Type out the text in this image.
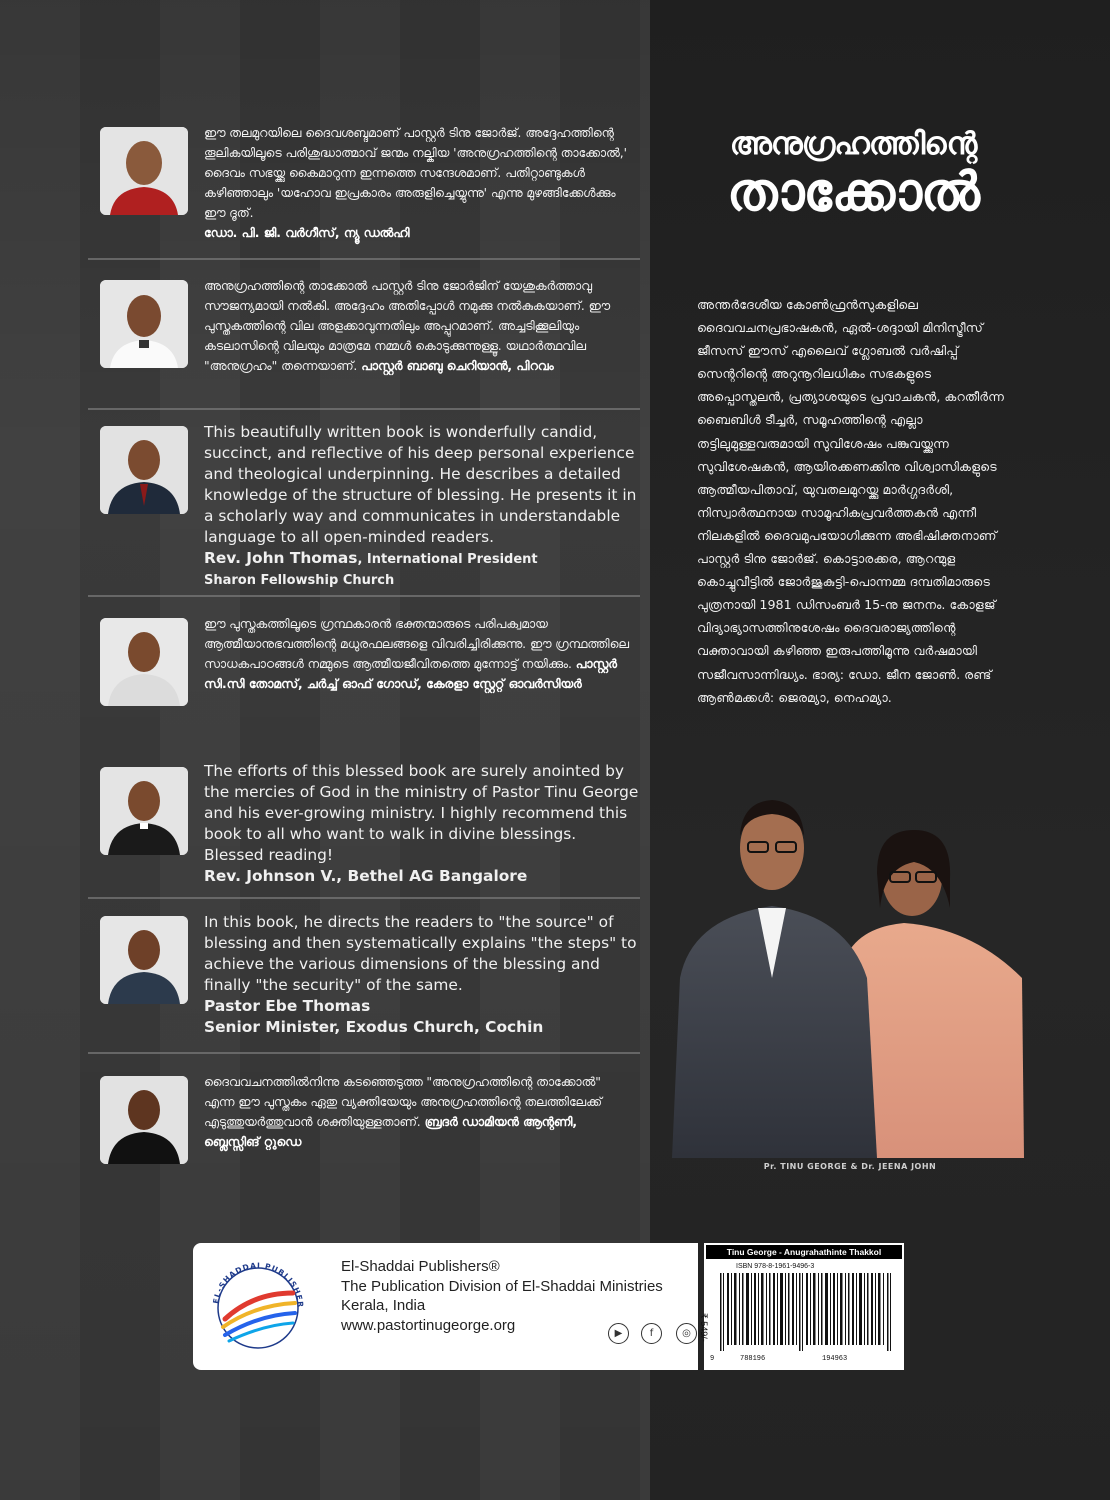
ഈ തലമുറയിലെ ദൈവശബ്ദമാണ് പാസ്റ്റർ ടിനു ജോർജ്. അദ്ദേഹത്തിന്റെ തൂലികയിലൂടെ പരിശുദ്ധാത്മാവ് ജന്മം നല്കിയ 'അനുഗ്രഹത്തിന്റെ താക്കോൽ,' ദൈവം സഭയ്ക്കു കൈമാറുന്ന ഇന്നത്തെ സന്ദേശമാണ്. പതിറ്റാണ്ടുകൾ കഴിഞ്ഞാലും 'യഹോവ ഇപ്രകാരം അരുളിച്ചെയ്യുന്നു' എന്നു മുഴങ്ങിക്കേൾക്കും ഈ ദൂത്.
ഡോ. പി. ജി. വർഗീസ്, ന്യൂ ഡൽഹി
അനുഗ്രഹത്തിന്റെ താക്കോൽ പാസ്റ്റർ ടിനു ജോർജിന് യേശുകർത്താവു സൗജന്യമായി നൽകി. അദ്ദേഹം അതിപ്പോൾ നമുക്കു നൽകുകയാണ്. ഈ പുസ്തകത്തിന്റെ വില അളക്കാവുന്നതിലും അപ്പുറമാണ്. അച്ചടിക്കൂലിയും കടലാസിന്റെ വിലയും മാത്രമേ നമ്മൾ കൊടുക്കുന്നുള്ളൂ. യഥാർത്ഥവില "അനുഗ്രഹം" തന്നെയാണ്. പാസ്റ്റർ ബാബു ചെറിയാൻ, പിറവം
This beautifully written book is wonderfully candid, succinct, and reflective of his deep personal experience and theological underpinning. He describes a detailed knowledge of the structure of blessing. He presents it in a scholarly way and communicates in understandable language to all open-minded readers.
Rev. John Thomas, International President
Sharon Fellowship Church
ഈ പുസ്തകത്തിലൂടെ ഗ്രന്ഥകാരൻ ഭക്തന്മാരുടെ പരിപക്വമായ ആത്മീയാനുഭവത്തിന്റെ മധുരഫലങ്ങളെ വിവരിച്ചിരിക്കുന്നു. ഈ ഗ്രന്ഥത്തിലെ സാധകപാഠങ്ങൾ നമ്മുടെ ആത്മീയജീവിതത്തെ മുന്നോട്ട് നയിക്കും. പാസ്റ്റർ സി.സി തോമസ്, ചർച്ച് ഓഫ് ഗോഡ്, കേരളാ സ്റ്റേറ്റ് ഓവർസിയർ
The efforts of this blessed book are surely anointed by the mercies of God in the ministry of Pastor Tinu George and his ever-growing ministry. I highly recommend this book to all who want to walk in divine blessings. Blessed reading!
Rev. Johnson V., Bethel AG Bangalore
In this book, he directs the readers to "the source" of blessing and then systematically explains "the steps" to achieve the various dimensions of the blessing and finally "the security" of the same.
Pastor Ebe Thomas
Senior Minister, Exodus Church, Cochin
ദൈവവചനത്തിൽനിന്നു കടഞ്ഞെടുത്ത "അനുഗ്രഹത്തിന്റെ താക്കോൽ" എന്ന ഈ പുസ്തകം ഏതു വ്യക്തിയേയും അനുഗ്രഹത്തിന്റെ തലത്തിലേക്ക് എടുത്തുയർത്തുവാൻ ശക്തിയുള്ളതാണ്. ബ്രദർ ഡാമിയൻ ആന്റണി, ബ്ലെസ്സിങ് റ്റുഡെ
അനുഗ്രഹത്തിന്റെ
താക്കോൽ
അന്തർദേശീയ കോൺഫ്രൻസുകളിലെ ദൈവവചനപ്രഭാഷകൻ, ഏൽ-ശദ്ദായി മിനിസ്ട്രീസ് ജീസസ് ഈസ് എലൈവ് ഗ്ലോബൽ വർഷിപ്പ് സെന്ററിന്റെ അറുനൂറിലധികം സഭകളുടെ അപ്പൊസ്തലൻ, പ്രത്യാശയുടെ പ്രവാചകൻ, കറതീർന്ന ബൈബിൾ ടീച്ചർ, സമൂഹത്തിന്റെ എല്ലാ തട്ടിലുമുള്ളവരുമായി സുവിശേഷം പങ്കുവയ്ക്കുന്ന സുവിശേഷകൻ, ആയിരക്കണക്കിനു വിശ്വാസികളുടെ ആത്മീയപിതാവ്, യുവതലമുറയ്ക്കു മാർഗ്ഗദർശി, നിസ്വാർത്ഥനായ സാമൂഹികപ്രവർത്തകൻ എന്നീ നിലകളിൽ ദൈവമുപയോഗിക്കുന്ന അഭിഷിക്തനാണ് പാസ്റ്റർ ടിനു ജോർജ്. കൊട്ടാരക്കര, ആറന്മുള കൊച്ചുവീട്ടിൽ ജോർജുകുട്ടി-പൊന്നമ്മ ദമ്പതിമാരുടെ പുത്രനായി 1981 ഡിസംബർ 15-നു ജനനം. കോളജ് വിദ്യാഭ്യാസത്തിനുശേഷം ദൈവരാജ്യത്തിന്റെ വക്താവായി കഴിഞ്ഞ ഇരുപത്തിമൂന്നു വർഷമായി സജീവസാന്നിദ്ധ്യം. ഭാര്യ: ഡോ. ജീന ജോൺ. രണ്ട് ആൺമക്കൾ: ജെരമ്യാ, നെഹമ്യാ.
Pr. TINU GEORGE & Dr. JEENA JOHN
EL-SHADDAI PUBLISHER
El-Shaddai Publishers®
The Publication Division of El-Shaddai Ministries
Kerala, India
www.pastortinugeorge.org	▶	f	◎
Tinu George - Anugrahathinte Thakkol
ISBN 978-8-1961-9496-3
₹ 549/-
9	788196	194963
